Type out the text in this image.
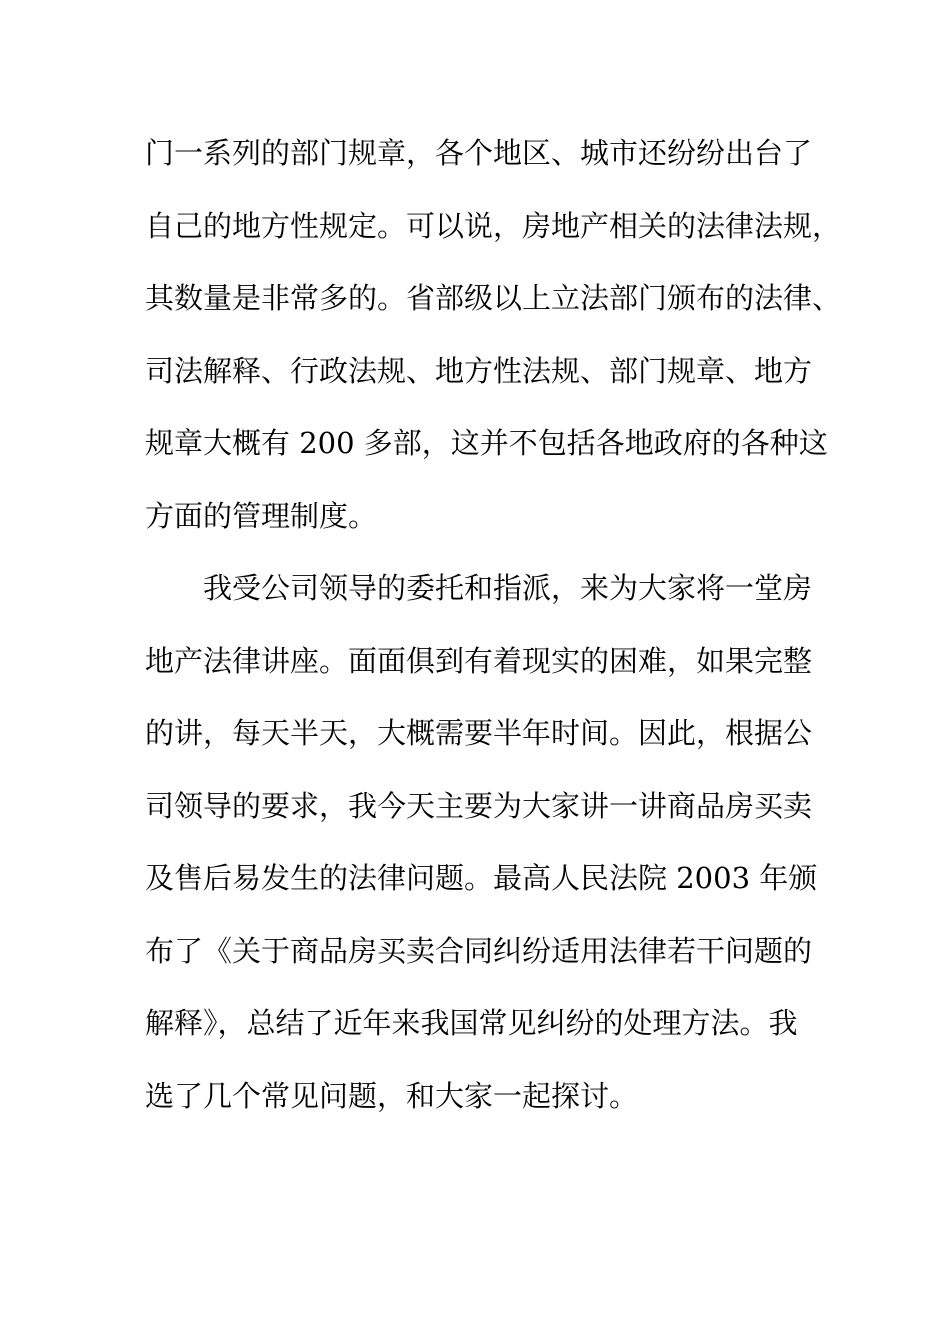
门一系列的部门规章，各个地区、城市还纷纷出台了
自己的地方性规定。可以说，房地产相关的法律法规，
其数量是非常多的。省部级以上立法部门颁布的法律、
司法解释、行政法规、地方性法规、部门规章、地方
规章大概有 200 多部，这并不包括各地政府的各种这
方面的管理制度。
我受公司领导的委托和指派，来为大家将一堂房
地产法律讲座。面面俱到有着现实的困难，如果完整
的讲，每天半天，大概需要半年时间。因此，根据公
司领导的要求，我今天主要为大家讲一讲商品房买卖
及售后易发生的法律问题。最高人民法院 2003 年颁
布了《关于商品房买卖合同纠纷适用法律若干问题的
解释》，总结了近年来我国常见纠纷的处理方法。我
选了几个常见问题，和大家一起探讨。
